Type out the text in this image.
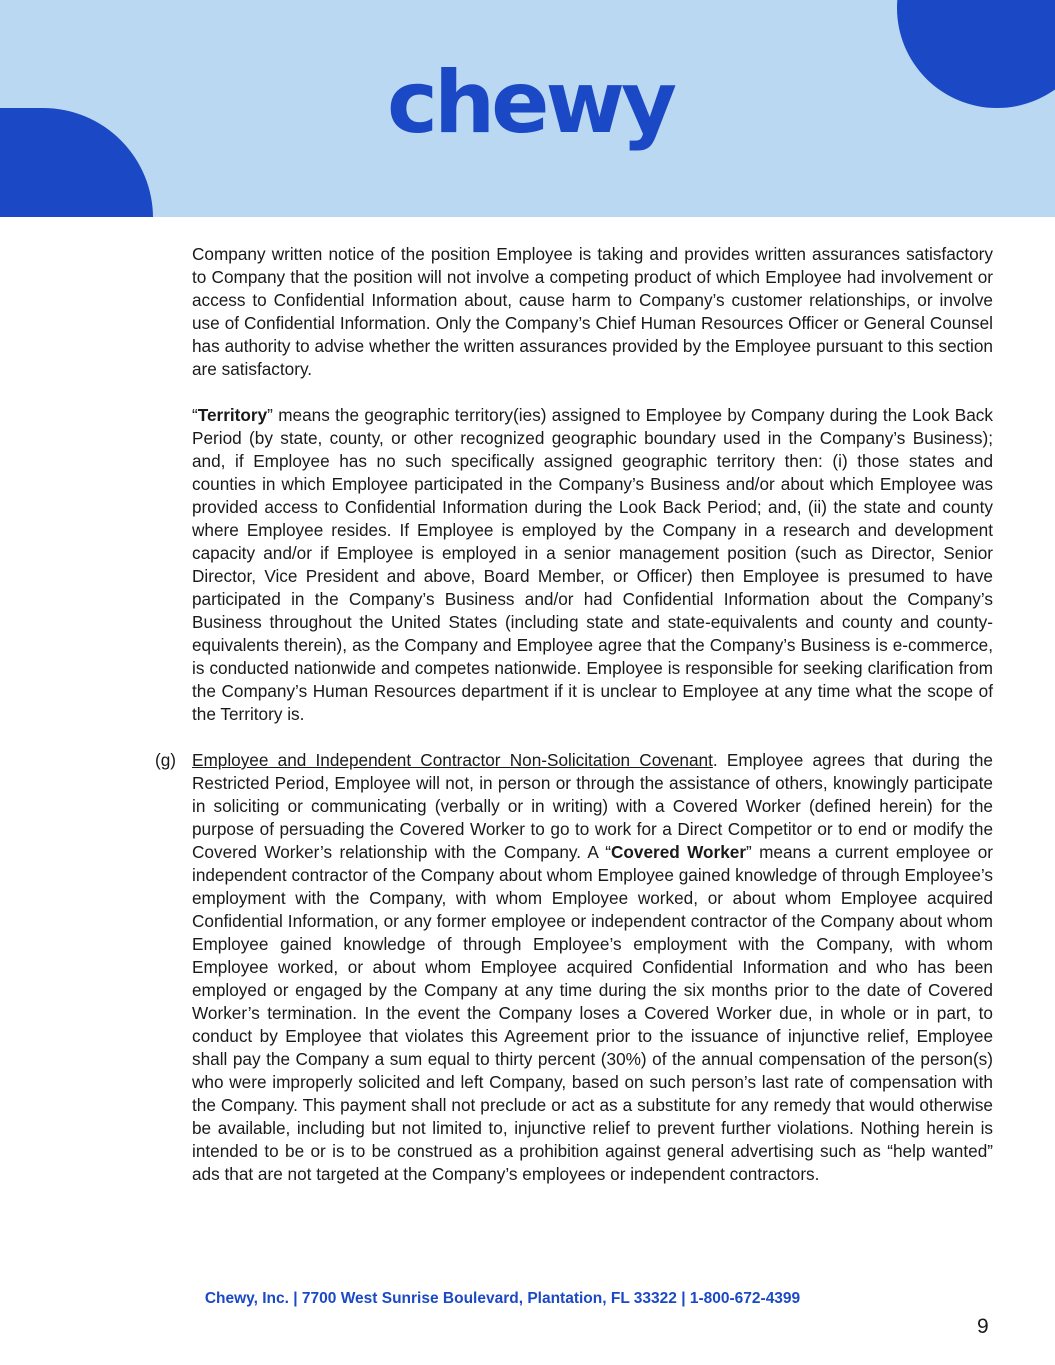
chewy

Company written notice of the position Employee is taking and provides written assurances satisfactory to Company that the position will not involve a competing product of which Employee had involvement or access to Confidential Information about, cause harm to Company’s customer relationships, or involve use of Confidential Information. Only the Company’s Chief Human Resources Officer or General Counsel has authority to advise whether the written assurances provided by the Employee pursuant to this section are satisfactory.

“Territory” means the geographic territory(ies) assigned to Employee by Company during the Look Back Period (by state, county, or other recognized geographic boundary used in the Company’s Business); and, if Employee has no such specifically assigned geographic territory then: (i) those states and counties in which Employee participated in the Company’s Business and/or about which Employee was provided access to Confidential Information during the Look Back Period; and, (ii) the state and county where Employee resides. If Employee is employed by the Company in a research and development capacity and/or if Employee is employed in a senior management position (such as Director, Senior Director, Vice President and above, Board Member, or Officer) then Employee is presumed to have participated in the Company’s Business and/or had Confidential Information about the Company’s Business throughout the United States (including state and state-equivalents and county and county-equivalents therein), as the Company and Employee agree that the Company’s Business is e-commerce, is conducted nationwide and competes nationwide. Employee is responsible for seeking clarification from the Company’s Human Resources department if it is unclear to Employee at any time what the scope of the Territory is.

(g) Employee and Independent Contractor Non-Solicitation Covenant. Employee agrees that during the Restricted Period, Employee will not, in person or through the assistance of others, knowingly participate in soliciting or communicating (verbally or in writing) with a Covered Worker (defined herein) for the purpose of persuading the Covered Worker to go to work for a Direct Competitor or to end or modify the Covered Worker’s relationship with the Company. A “Covered Worker” means a current employee or independent contractor of the Company about whom Employee gained knowledge of through Employee’s employment with the Company, with whom Employee worked, or about whom Employee acquired Confidential Information, or any former employee or independent contractor of the Company about whom Employee gained knowledge of through Employee’s employment with the Company, with whom Employee worked, or about whom Employee acquired Confidential Information and who has been employed or engaged by the Company at any time during the six months prior to the date of Covered Worker’s termination. In the event the Company loses a Covered Worker due, in whole or in part, to conduct by Employee that violates this Agreement prior to the issuance of injunctive relief, Employee shall pay the Company a sum equal to thirty percent (30%) of the annual compensation of the person(s) who were improperly solicited and left Company, based on such person’s last rate of compensation with the Company. This payment shall not preclude or act as a substitute for any remedy that would otherwise be available, including but not limited to, injunctive relief to prevent further violations. Nothing herein is intended to be or is to be construed as a prohibition against general advertising such as “help wanted” ads that are not targeted at the Company’s employees or independent contractors.

Chewy, Inc. | 7700 West Sunrise Boulevard, Plantation, FL 33322 | 1-800-672-4399
9
